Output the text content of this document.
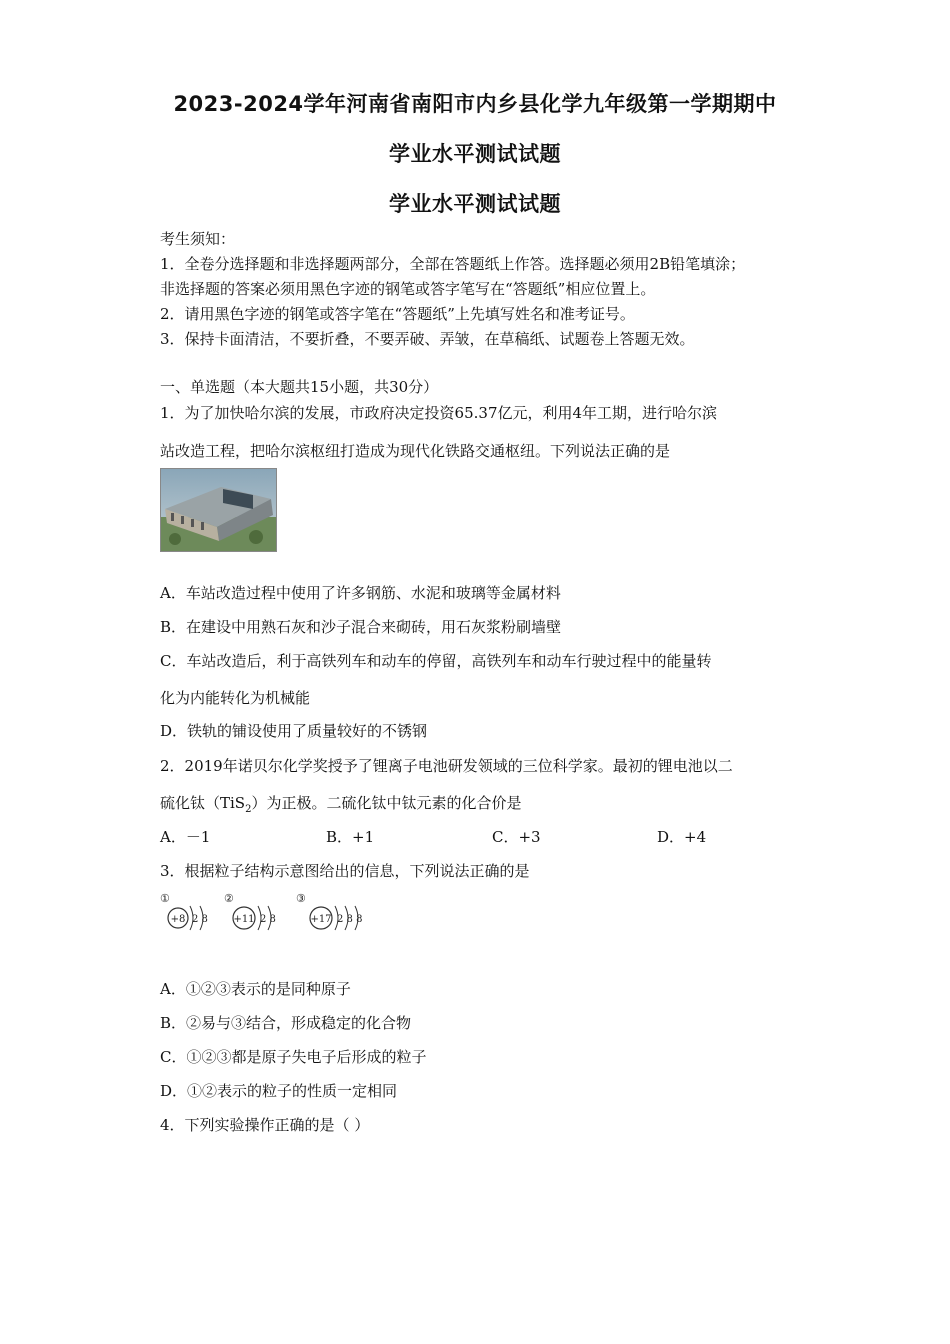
2023-2024学年河南省南阳市内乡县化学九年级第一学期期中
学业水平测试试题
学业水平测试试题
考生须知：
1．全卷分选择题和非选择题两部分，全部在答题纸上作答。选择题必须用2B铅笔填涂；
非选择题的答案必须用黑色字迹的钢笔或答字笔写在“答题纸”相应位置上。
2．请用黑色字迹的钢笔或答字笔在“答题纸”上先填写姓名和准考证号。
3．保持卡面清洁，不要折叠，不要弄破、弄皱，在草稿纸、试题卷上答题无效。
一、单选题（本大题共15小题，共30分）
1．为了加快哈尔滨的发展，市政府决定投资65.37亿元，利用4年工期，进行哈尔滨
站改造工程，把哈尔滨枢纽打造成为现代化铁路交通枢纽。下列说法正确的是
A．车站改造过程中使用了许多钢筋、水泥和玻璃等金属材料
B．在建设中用熟石灰和沙子混合来砌砖，用石灰浆粉刷墙壁
C．车站改造后，利于高铁列车和动车的停留，高铁列车和动车行驶过程中的能量转
化为内能转化为机械能
D．铁轨的铺设使用了质量较好的不锈钢
2．2019年诺贝尔化学奖授予了锂离子电池研发领域的三位科学家。最初的锂电池以二
硫化钛（TiS$_2$）为正极。二硫化钛中钛元素的化合价是
A．－1	B．+1	C．+3	D．+4
3．根据粒子结构示意图给出的信息，下列说法正确的是
①
+8 2 8
②
+11 2 8
③
+17 2 8 8
A．①②③表示的是同种原子
B．②易与③结合，形成稳定的化合物
C．①②③都是原子失电子后形成的粒子
D．①②表示的粒子的性质一定相同
4．下列实验操作正确的是（ ）
